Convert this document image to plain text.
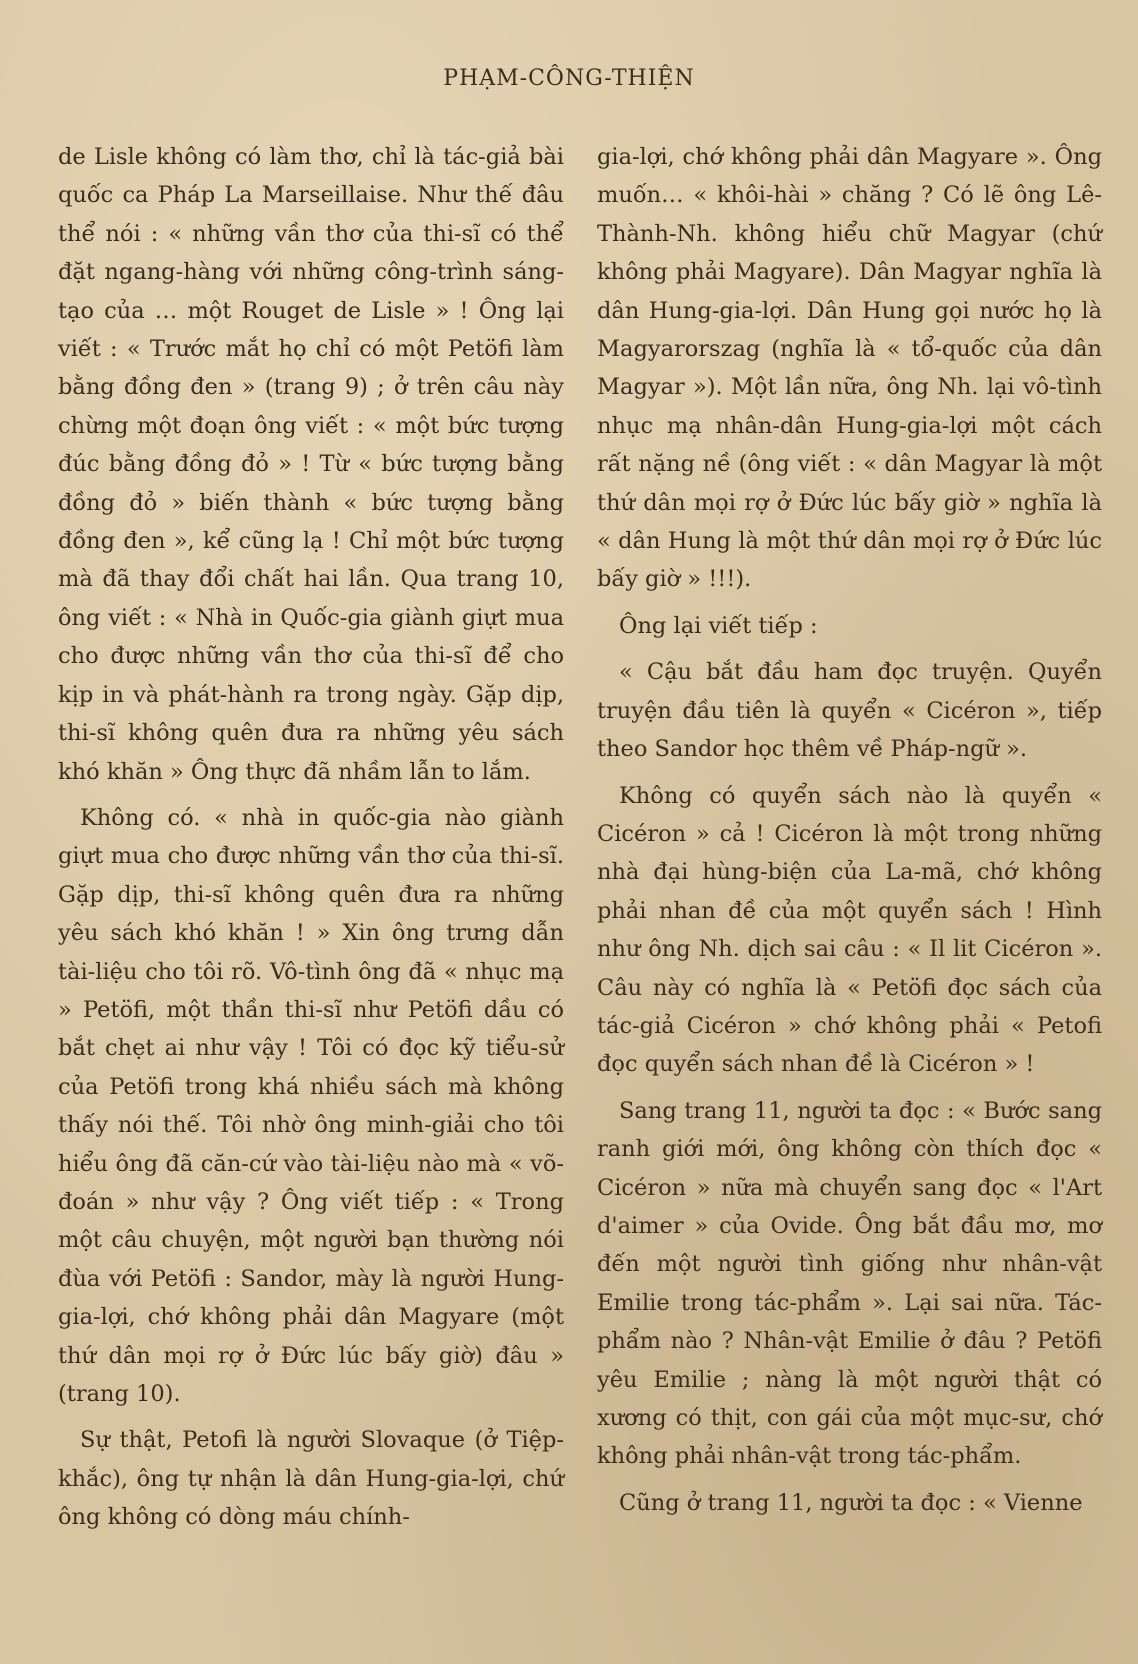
PHẠM-CÔNG-THIỆN

de Lisle không có làm thơ, chỉ là tác-giả bài quốc ca Pháp La Marseillaise. Như thế đâu thể nói : « những vần thơ của thi-sĩ có thể đặt ngang-hàng với những công-trình sáng-tạo của … một Rouget de Lisle » ! Ông lại viết : « Trước mắt họ chỉ có một Petöfi làm bằng đồng đen » (trang 9) ; ở trên câu này chừng một đoạn ông viết : « một bức tượng đúc bằng đồng đỏ » ! Từ « bức tượng bằng đồng đỏ » biến thành « bức tượng bằng đồng đen », kể cũng lạ ! Chỉ một bức tượng mà đã thay đổi chất hai lần. Qua trang 10, ông viết : « Nhà in Quốc-gia giành giựt mua cho được những vần thơ của thi-sĩ để cho kịp in và phát-hành ra trong ngày. Gặp dịp, thi-sĩ không quên đưa ra những yêu sách khó khăn » Ông thực đã nhầm lẫn to lắm.

Không có. « nhà in quốc-gia nào giành giựt mua cho được những vần thơ của thi-sĩ. Gặp dịp, thi-sĩ không quên đưa ra những yêu sách khó khăn ! » Xin ông trưng dẫn tài-liệu cho tôi rõ. Vô-tình ông đã « nhục mạ » Petöfi, một thần thi-sĩ như Petöfi dầu có bắt chẹt ai như vậy ! Tôi có đọc kỹ tiểu-sử của Petöfi trong khá nhiều sách mà không thấy nói thế. Tôi nhờ ông minh-giải cho tôi hiểu ông đã căn-cứ vào tài-liệu nào mà « võ-đoán » như vậy ? Ông viết tiếp : « Trong một câu chuyện, một người bạn thường nói đùa với Petöfi : Sandor, mày là người Hung-gia-lợi, chớ không phải dân Magyare (một thứ dân mọi rợ ở Đức lúc bấy giờ) đâu » (trang 10).

Sự thật, Petofi là người Slovaque (ở Tiệp-khắc), ông tự nhận là dân Hung-gia-lợi, chứ ông không có dòng máu chính-

gia-lợi, chớ không phải dân Magyare ». Ông muốn… « khôi-hài » chăng ? Có lẽ ông Lê-Thành-Nh. không hiểu chữ Magyar (chứ không phải Magyare). Dân Magyar nghĩa là dân Hung-gia-lợi. Dân Hung gọi nước họ là Magyarorszag (nghĩa là « tổ-quốc của dân Magyar »). Một lần nữa, ông Nh. lại vô-tình nhục mạ nhân-dân Hung-gia-lợi một cách rất nặng nề (ông viết : « dân Magyar là một thứ dân mọi rợ ở Đức lúc bấy giờ » nghĩa là « dân Hung là một thứ dân mọi rợ ở Đức lúc bấy giờ » !!!).

Ông lại viết tiếp :

« Cậu bắt đầu ham đọc truyện. Quyển truyện đầu tiên là quyển « Cicéron », tiếp theo Sandor học thêm về Pháp-ngữ ».

Không có quyển sách nào là quyển « Cicéron » cả ! Cicéron là một trong những nhà đại hùng-biện của La-mã, chớ không phải nhan đề của một quyển sách ! Hình như ông Nh. dịch sai câu : « Il lit Cicéron ». Câu này có nghĩa là « Petöfi đọc sách của tác-giả Cicéron » chớ không phải « Petofi đọc quyển sách nhan đề là Cicéron » !

Sang trang 11, người ta đọc : « Bước sang ranh giới mới, ông không còn thích đọc « Cicéron » nữa mà chuyển sang đọc « l'Art d'aimer » của Ovide. Ông bắt đầu mơ, mơ đến một người tình giống như nhân-vật Emilie trong tác-phẩm ». Lại sai nữa. Tác-phẩm nào ? Nhân-vật Emilie ở đâu ? Petöfi yêu Emilie ; nàng là một người thật có xương có thịt, con gái của một mục-sư, chớ không phải nhân-vật trong tác-phẩm.

Cũng ở trang 11, người ta đọc : « Vienne
